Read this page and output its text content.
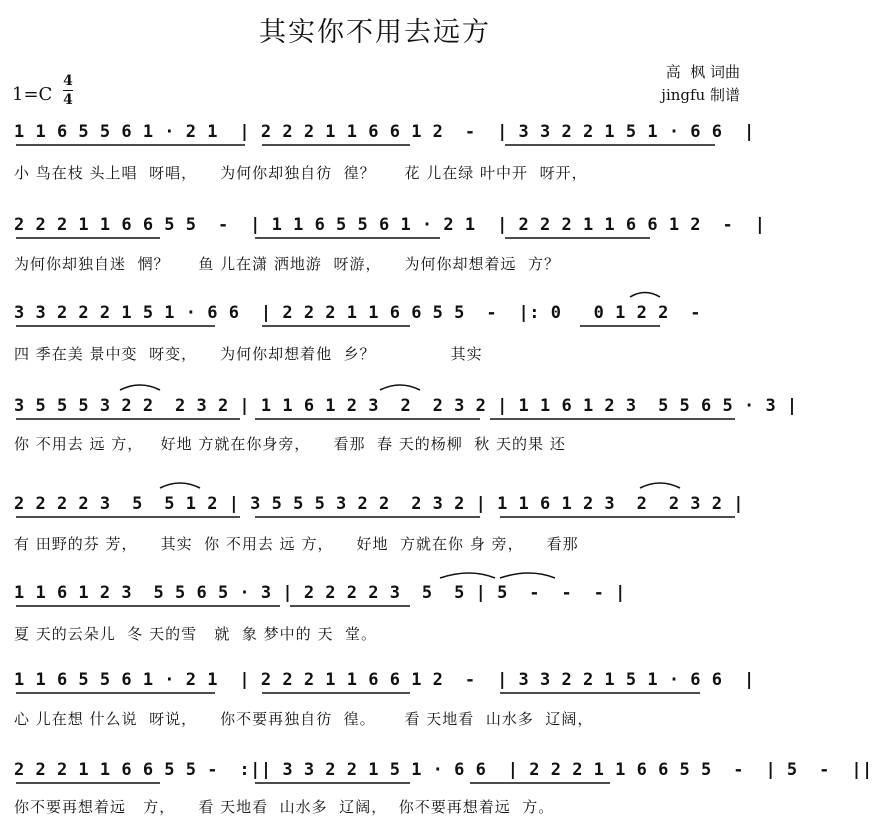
其实你不用去远方
高  枫 词曲
jingfu 制谱
1=C
4
4
1 1 6 5 5 6 1 · 2 1  | 2 2 2 1 1 6 6 1 2  -  | 3 3 2 2 1 5 1 · 6 6  |
小 鸟在枝 头上唱  呀唱，    为何你却独自彷  徨？     花 儿在绿 叶中开  呀开，
2 2 2 1 1 6 6 5 5  -  | 1 1 6 5 5 6 1 · 2 1  | 2 2 2 1 1 6 6 1 2  -  |
为何你却独自迷  惘？     鱼 儿在潇 洒地游  呀游，    为何你却想着远  方？
3 3 2 2 2 1 5 1 · 6 6  | 2 2 2 1 1 6 6 5 5  -  |: 0   0 1 2 2  -
四 季在美 景中变  呀变，    为何你却想着他  乡？             其实
3 5 5 5 3 2 2  2 3 2 | 1 1 6 1 2 3  2  2 3 2 | 1 1 6 1 2 3  5 5 6 5 · 3 |
你 不用去 远 方，   好地 方就在你身旁，    看那  春 天的杨柳  秋 天的果 还
2 2 2 2 3  5  5 1 2 | 3 5 5 5 3 2 2  2 3 2 | 1 1 6 1 2 3  2  2 3 2 |
有 田野的芬 芳，    其实  你 不用去 远 方，    好地  方就在你 身 旁，    看那
1 1 6 1 2 3  5 5 6 5 · 3 | 2 2 2 2 3  5  5 | 5  -  -  - |
夏 天的云朵儿  冬 天的雪   就  象 梦中的 天  堂。
1 1 6 5 5 6 1 · 2 1  | 2 2 2 1 1 6 6 1 2  -  | 3 3 2 2 1 5 1 · 6 6  |
心 儿在想 什么说  呀说，    你不要再独自彷  徨。     看 天地看  山水多  辽阔，
2 2 2 1 1 6 6 5 5 -  :|| 3 3 2 2 1 5 1 · 6 6  | 2 2 2 1 1 6 6 5 5  -  | 5  -  ||
你不要再想着远   方，    看 天地看  山水多  辽阔，  你不要再想着远  方。
